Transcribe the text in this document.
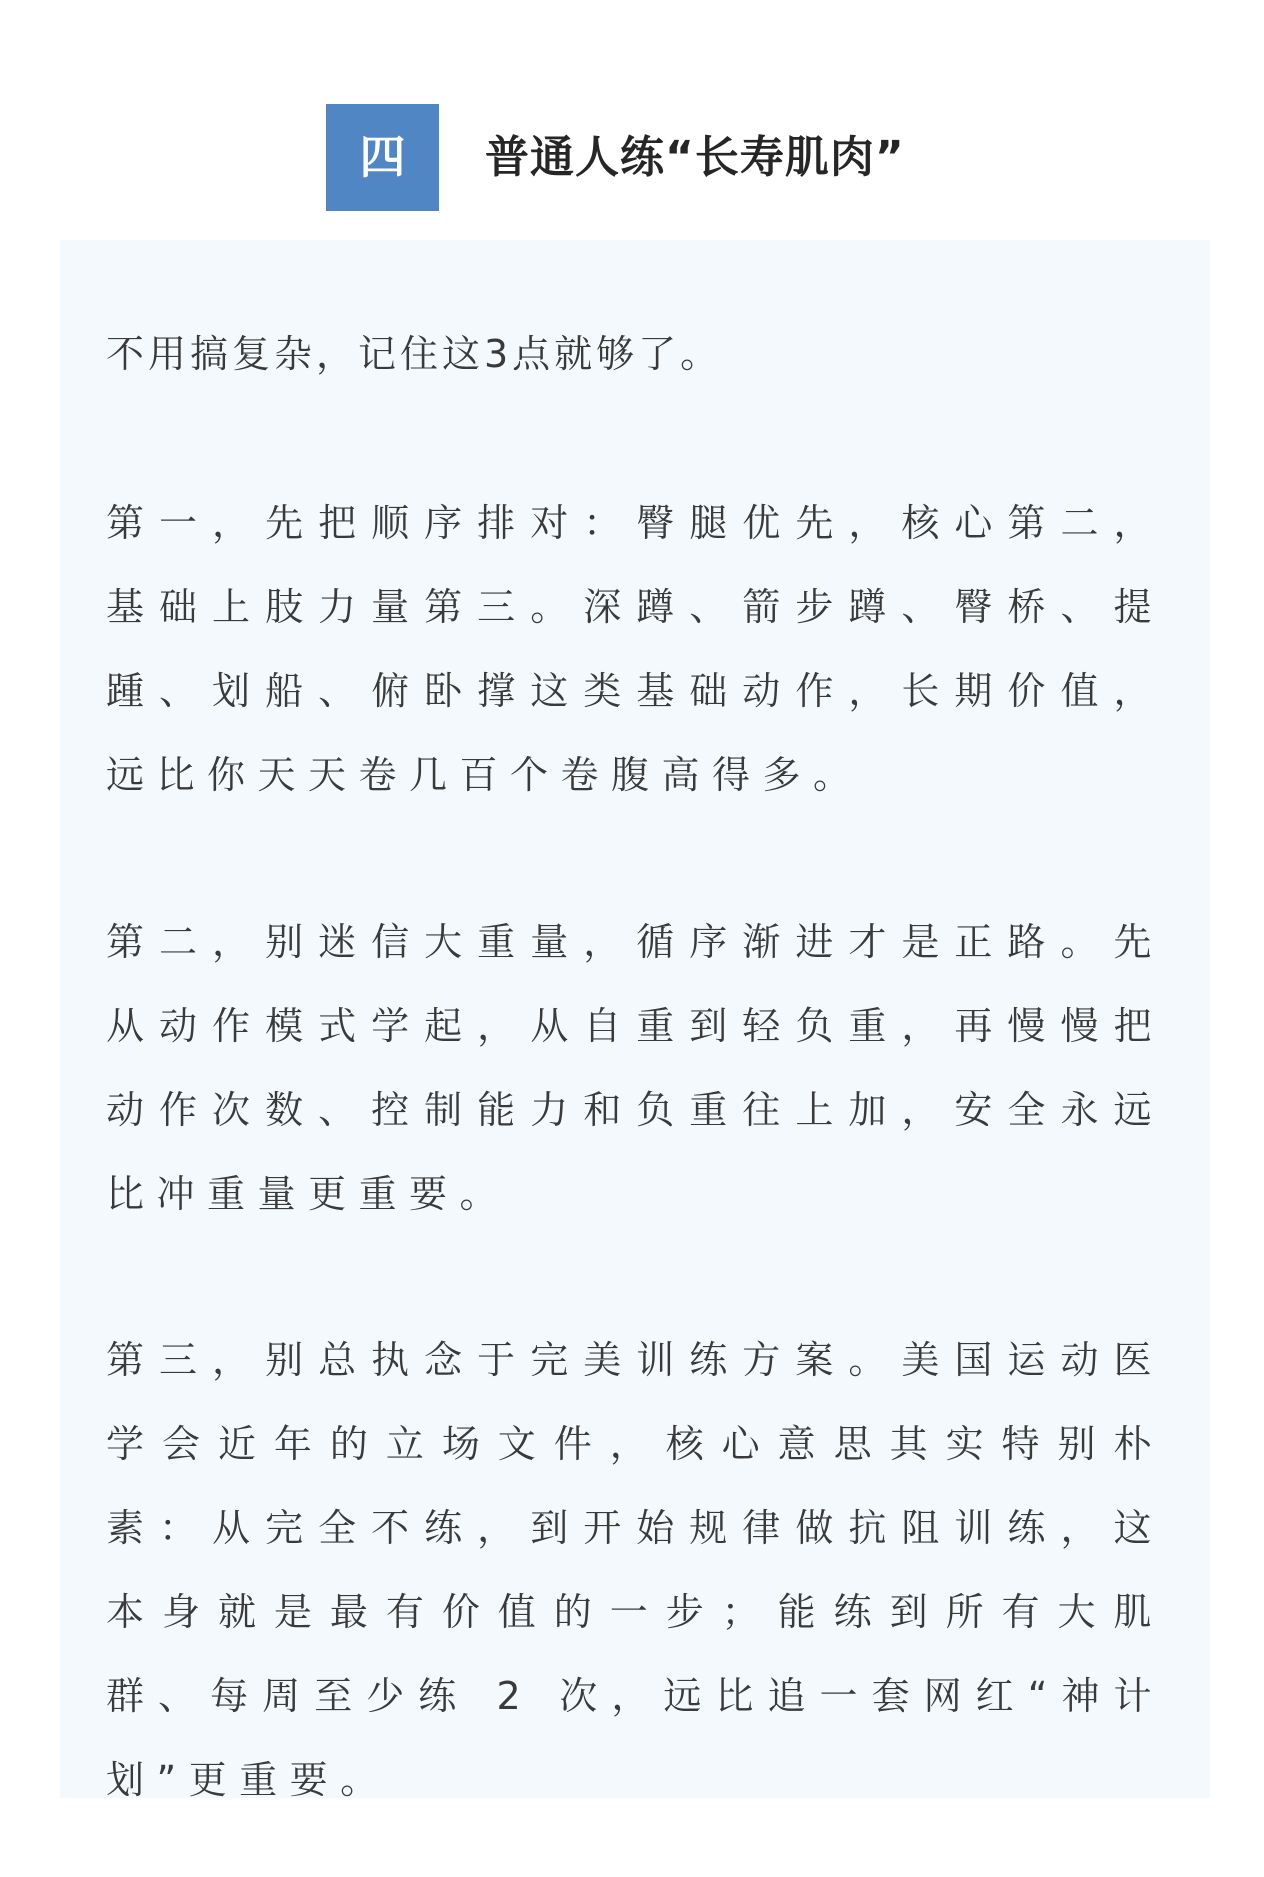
四	普通人练“长寿肌肉”

不用搞复杂，记住这3点就够了。

第一，先把顺序排对：臀腿优先，核心第二，基础上肢力量第三。深蹲、箭步蹲、臀桥、提踵、划船、俯卧撑这类基础动作，长期价值，远比你天天卷几百个卷腹高得多。

第二，别迷信大重量，循序渐进才是正路。先从动作模式学起，从自重到轻负重，再慢慢把动作次数、控制能力和负重往上加，安全永远比冲重量更重要。

第三，别总执念于完美训练方案。美国运动医学会近年的立场文件，核心意思其实特别朴素：从完全不练，到开始规律做抗阻训练，这本身就是最有价值的一步；能练到所有大肌群、每周至少练 2 次，远比追一套网红“神计划”更重要。
